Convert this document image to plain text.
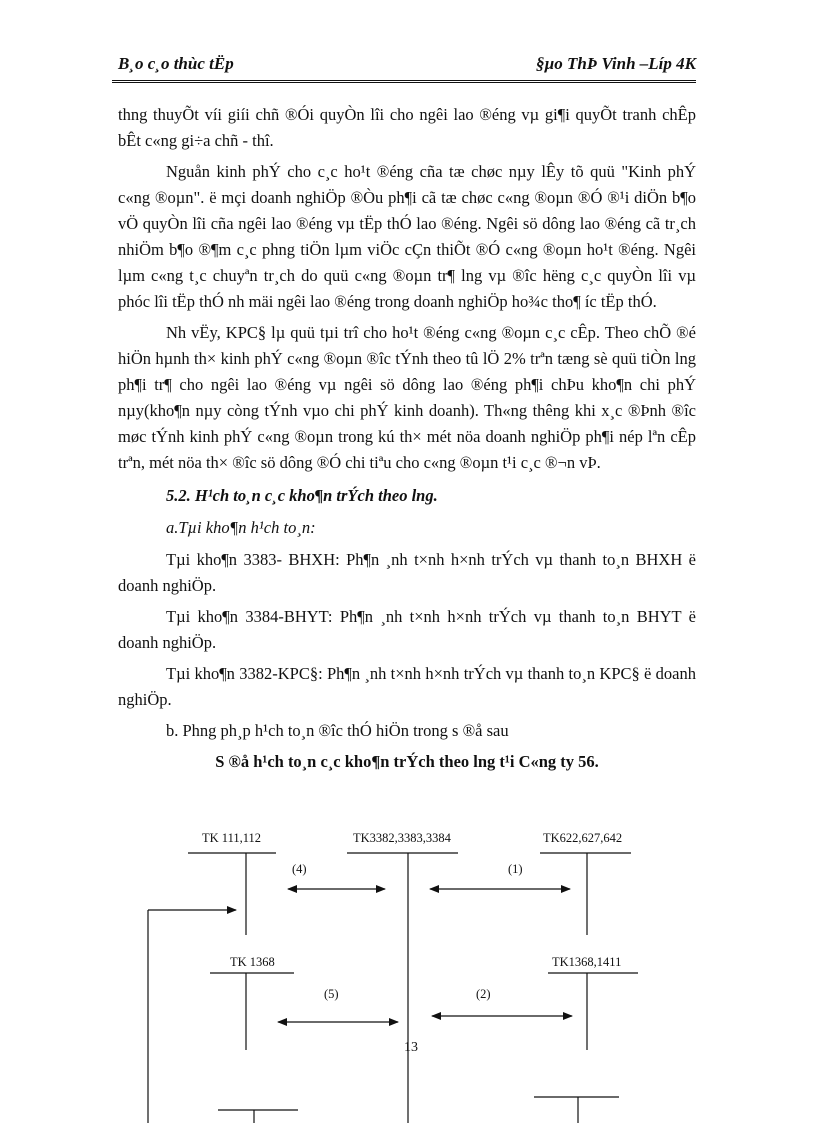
B¸o c¸o thùc tËp	§µo ThÞ Vinh –Líp 4K

thng thuyÕt víi giíi chñ ®Ói quyÒn lîi cho ngêi lao ®éng vµ gi¶i quyÕt tranh chÊp bÊt c«ng gi÷a chñ - thî.

Nguån kinh phÝ cho c¸c ho¹t ®éng cña tæ chøc nµy lÊy tõ quü "Kinh phÝ c«ng ®oµn". ë mçi doanh nghiÖp ®Òu ph¶i cã tæ chøc c«ng ®oµn ®Ó ®¹i diÖn b¶o vÖ quyÒn lîi cña ngêi lao ®éng vµ tËp thÓ lao ®éng. Ngêi sö dông lao ®éng cã tr¸ch nhiÖm b¶o ®¶m c¸c phng tiÖn lµm viÖc cÇn thiÕt ®Ó c«ng ®oµn ho¹t ®éng. Ngêi lµm c«ng t¸c chuyªn tr¸ch do quü c«ng ®oµn tr¶ lng vµ ®îc hëng c¸c quyÒn lîi vµ phóc lîi tËp thÓ nh mäi ngêi lao ®éng trong doanh nghiÖp ho¾c tho¶ íc tËp thÓ.

Nh vËy, KPC§ lµ quü tµi trî cho ho¹t ®éng c«ng ®oµn c¸c cÊp. Theo chÕ ®é hiÖn hµnh th× kinh phÝ c«ng ®oµn ®îc tÝnh theo tû lÖ 2% trªn tæng sè quü tiÒn lng ph¶i tr¶ cho ngêi lao ®éng vµ ngêi sö dông lao ®éng ph¶i chÞu kho¶n chi phÝ nµy(kho¶n nµy còng tÝnh vµo chi phÝ kinh doanh). Th«ng thêng khi x¸c ®Þnh ®îc møc tÝnh kinh phÝ c«ng ®oµn trong kú th× mét nöa doanh nghiÖp ph¶i nép lªn cÊp trªn, mét nöa th× ®îc sö dông ®Ó chi tiªu cho c«ng ®oµn t¹i c¸c ®¬n vÞ.

5.2. H¹ch to¸n c¸c kho¶n trÝch theo lng.

a.Tµi kho¶n h¹ch to¸n:

Tµi kho¶n 3383- BHXH: Ph¶n ¸nh t×nh h×nh trÝch vµ thanh to¸n BHXH ë doanh nghiÖp.

Tµi kho¶n 3384-BHYT: Ph¶n ¸nh t×nh h×nh trÝch vµ thanh to¸n BHYT ë doanh nghiÖp.

Tµi kho¶n 3382-KPC§: Ph¶n ¸nh t×nh h×nh trÝch vµ thanh to¸n KPC§ ë doanh nghiÖp.

b. Phng ph¸p h¹ch to¸n ®îc thÓ hiÖn trong s ®å sau

S ®å h¹ch to¸n c¸c kho¶n trÝch theo lng t¹i C«ng ty 56.

TK 111,112	TK3382,3383,3384	TK622,627,642
TK 1368	TK1368,1411
(4)	(1)
(5)	(2)
13
